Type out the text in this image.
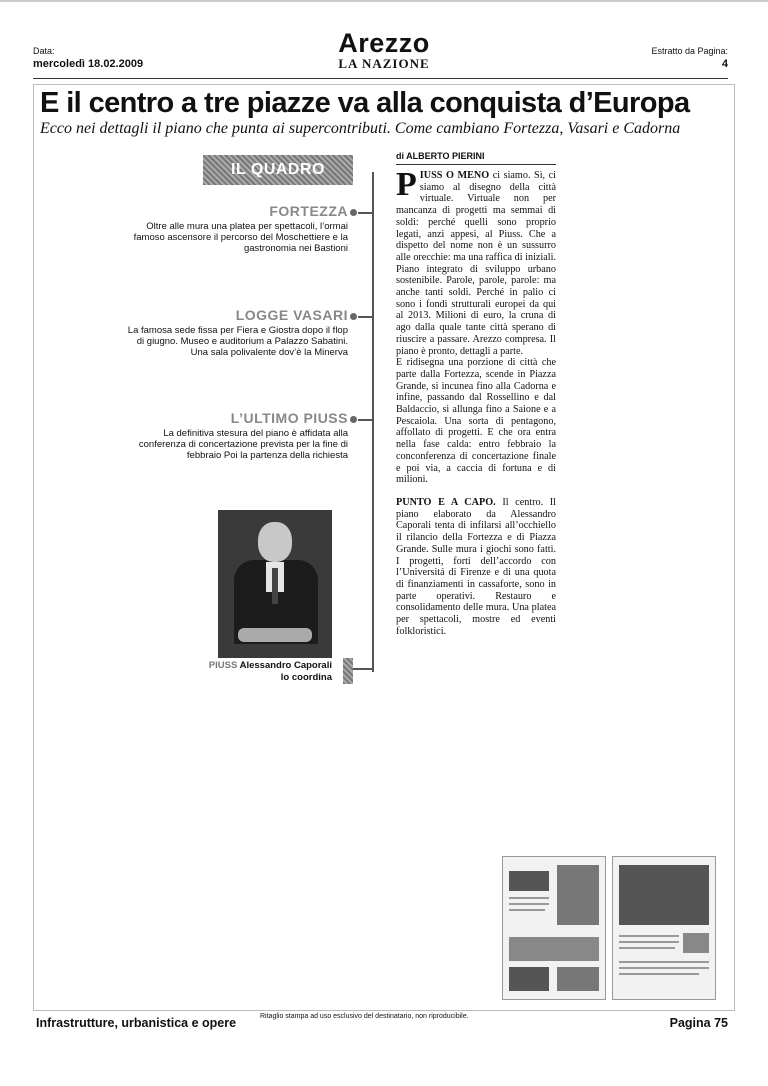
Data:
mercoledì 18.02.2009
Arezzo
LA NAZIONE
Estratto da Pagina:
4
E il centro a tre piazze va alla conquista d’Europa
Ecco nei dettagli il piano che punta ai supercontributi. Come cambiano Fortezza, Vasari e Cadorna
di ALBERTO PIERINI
IL QUADRO
FORTEZZA
Oltre alle mura una platea per spettacoli, l’ormai famoso ascensore il percorso del Moschettiere e la gastronomia nei Bastioni
LOGGE VASARI
La famosa sede fissa per Fiera e Giostra dopo il flop di giugno. Museo e auditorium a Palazzo Sabatini. Una sala polivalente dov’è la Minerva
L’ULTIMO PIUSS
La definitiva stesura del piano è affidata alla conferenza di concertazione prevista per la fine di febbraio Poi la partenza della richiesta
PIUSS Alessandro Caporali lo coordina

PIUSS O MENO ci siamo. Sì, ci siamo al disegno della città virtuale. Virtuale non per mancanza di progetti ma semmai di soldi: perché quelli sono proprio legati, anzi appesi, al Piuss. Che a dispetto del nome non è un sussurro alle orecchie: ma una raffica di iniziali. Piano integrato di sviluppo urbano sostenibile. Parole, parole, parole: ma anche tanti soldi. Perché in palio ci sono i fondi strutturali europei da qui al 2013. Milioni di euro, la cruna di ago dalla quale tante città sperano di riuscire a passare. Arezzo compresa. Il piano è pronto, dettagli a parte.

E ridisegna una porzione di città che parte dalla Fortezza, scende in Piazza Grande, si incunea fino alla Cadorna e infine, passando dal Rossellino e dal Baldaccio, si allunga fino a Saione e a Pescaiola. Una sorta di pentagono, affollato di progetti. E che ora entra nella fase calda: entro febbraio la conconferenza di concertazione finale e poi via, a caccia di fortuna e di milioni.

PUNTO E A CAPO. Il centro. Il piano elaborato da Alessandro Caporali tenta di infilarsi all’occhiello il rilancio della Fortezza e di Piazza Grande. Sulle mura i giochi sono fatti. I progetti, forti dell’accordo con l’Universitá di Firenze e di una quota di finanziamenti in cassaforte, sono in parte operativi. Restauro e consolidamento delle mura. Una platea per spettacoli, mostre ed eventi folkloristici.

Infrastrutture, urbanistica e opere	Ritaglio stampa ad uso esclusivo del destinatario, non riproducibile.	Pagina 75
